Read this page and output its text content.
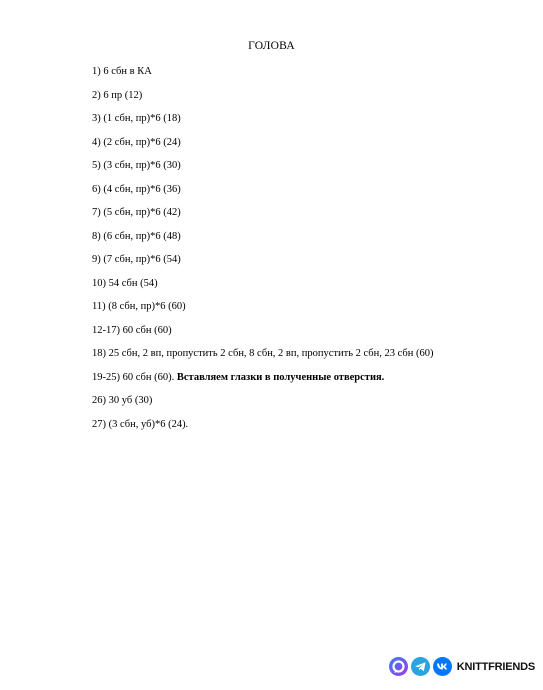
ГОЛОВА
1) 6 сбн в КА
2) 6 пр (12)
3) (1 сбн, пр)*6 (18)
4) (2 сбн, пр)*6 (24)
5) (3 сбн, пр)*6 (30)
6) (4 сбн, пр)*6 (36)
7) (5 сбн, пр)*6 (42)
8) (6 сбн, пр)*6 (48)
9) (7 сбн, пр)*6 (54)
10) 54 сбн (54)
11) (8 сбн, пр)*6 (60)
12-17) 60 сбн (60)
18) 25 сбн, 2 вп, пропустить 2 сбн, 8 сбн, 2 вп, пропустить 2 сбн, 23 сбн (60)
19-25) 60 сбн (60). Вставляем глазки в полученные отверстия.
26) 30 уб (30)
27) (3 сбн, уб)*6 (24).
KNITTFRIENDS
